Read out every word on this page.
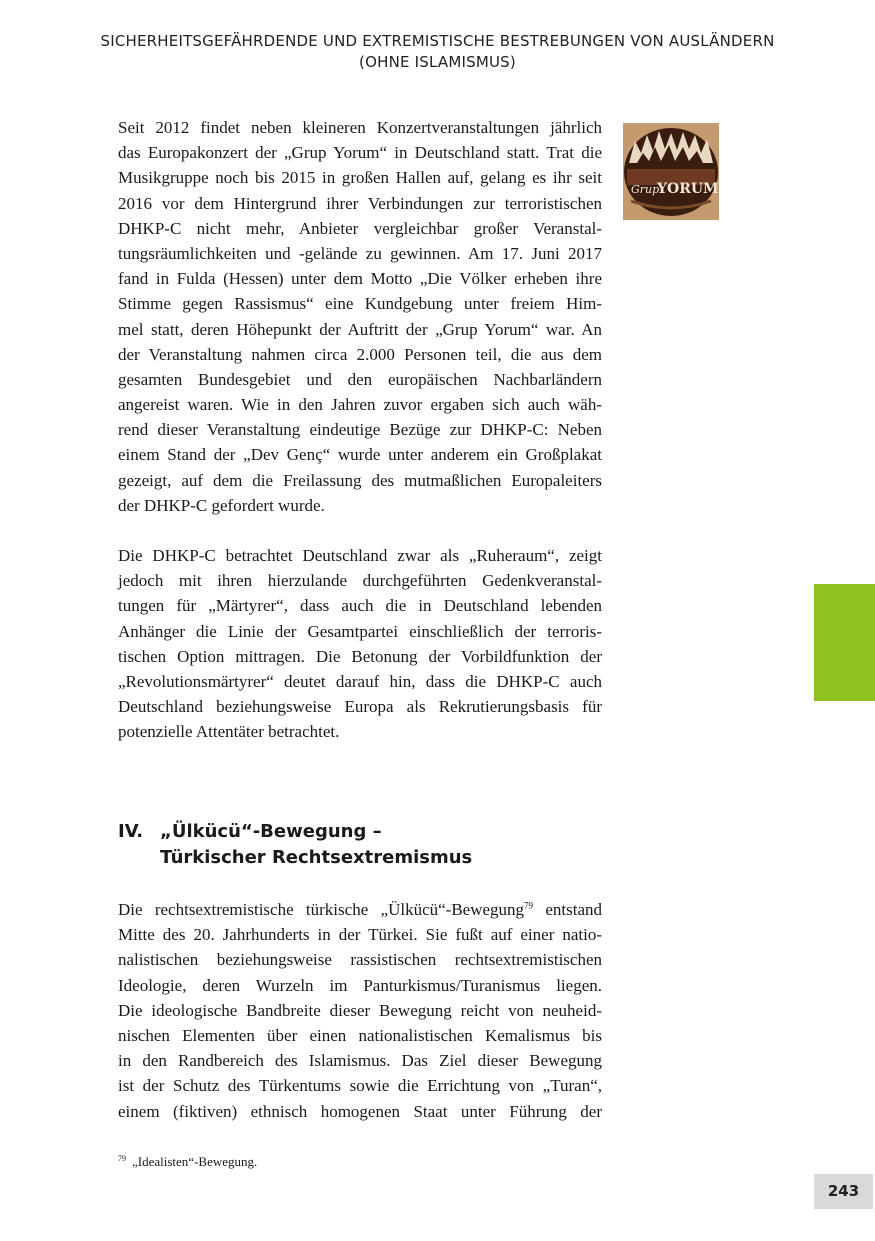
SICHERHEITSGEFÄHRDENDE UND EXTREMISTISCHE BESTREBUNGEN VON AUSLÄNDERN
(OHNE ISLAMISMUS)
Grup
YORUM
Seit 2012 findet neben kleineren Konzertveranstaltungen jährlich
das Europakonzert der „Grup Yorum“ in Deutschland statt. Trat die
Musikgruppe noch bis 2015 in großen Hallen auf, gelang es ihr seit
2016 vor dem Hintergrund ihrer Verbindungen zur terroristischen
DHKP-C nicht mehr, Anbieter vergleichbar großer Veranstal-
tungsräumlichkeiten und -gelände zu gewinnen. Am 17. Juni 2017
fand in Fulda (Hessen) unter dem Motto „Die Völker erheben ihre
Stimme gegen Rassismus“ eine Kundgebung unter freiem Him-
mel statt, deren Höhepunkt der Auftritt der „Grup Yorum“ war. An
der Veranstaltung nahmen circa 2.000 Personen teil, die aus dem
gesamten Bundesgebiet und den europäischen Nachbarländern
angereist waren. Wie in den Jahren zuvor ergaben sich auch wäh-
rend dieser Veranstaltung eindeutige Bezüge zur DHKP-C: Neben
einem Stand der „Dev Genç“ wurde unter anderem ein Großplakat
gezeigt, auf dem die Freilassung des mutmaßlichen Europaleiters
der DHKP-C gefordert wurde.
Die DHKP-C betrachtet Deutschland zwar als „Ruheraum“, zeigt
jedoch mit ihren hierzulande durchgeführten Gedenkveranstal-
tungen für „Märtyrer“, dass auch die in Deutschland lebenden
Anhänger die Linie der Gesamtpartei einschließlich der terroris-
tischen Option mittragen. Die Betonung der Vorbildfunktion der
„Revolutionsmärtyrer“ deutet darauf hin, dass die DHKP-C auch
Deutschland beziehungsweise Europa als Rekrutierungsbasis für
potenzielle Attentäter betrachtet.
IV. „Ülkücü“-Bewegung –
Türkischer Rechtsextremismus
Die rechtsextremistische türkische „Ülkücü“-Bewegung$^{79}$ entstand
Mitte des 20. Jahrhunderts in der Türkei. Sie fußt auf einer natio-
nalistischen beziehungsweise rassistischen rechtsextremistischen
Ideologie, deren Wurzeln im Panturkismus/Turanismus liegen.
Die ideologische Bandbreite dieser Bewegung reicht von neuheid-
nischen Elementen über einen nationalistischen Kemalismus bis
in den Randbereich des Islamismus. Das Ziel dieser Bewegung
ist der Schutz des Türkentums sowie die Errichtung von „Turan“,
einem (fiktiven) ethnisch homogenen Staat unter Führung der
$^{79}$ „Idealisten“-Bewegung.
243
